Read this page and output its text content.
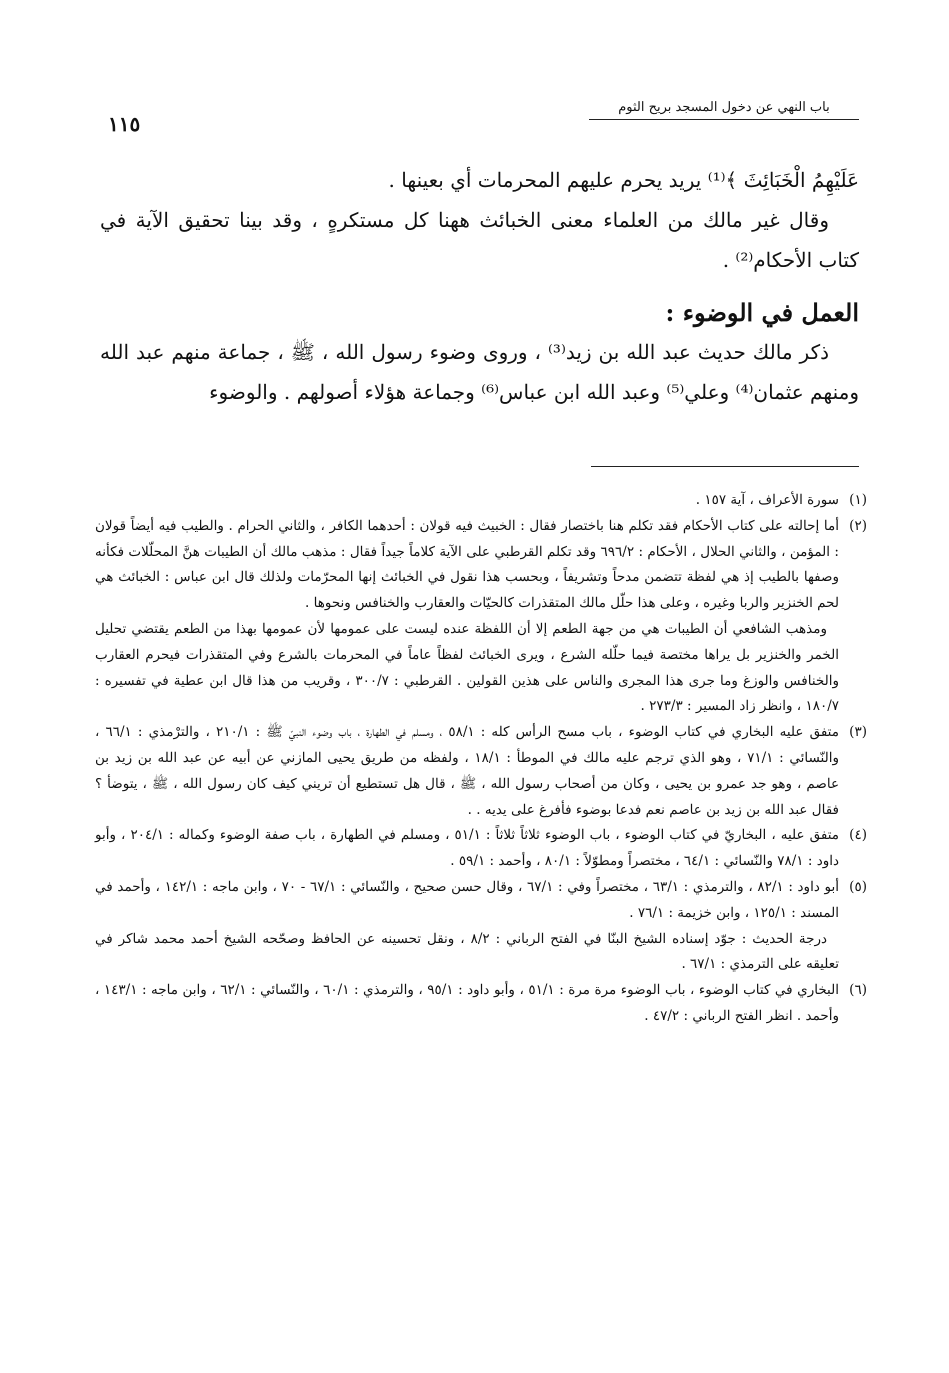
باب النهي عن دخول المسجد بريح الثوم
١١٥

عَلَيْهِمُ الْخَبَائِثَ ﴾⁽¹⁾ يريد يحرم عليهم المحرمات أي بعينها .

وقال غير مالك من العلماء معنى الخبائث ههنا كل مستكرهٍ ، وقد بينا تحقيق الآية في كتاب الأحكام⁽²⁾ .

العمل في الوضوء :

ذكر مالك حديث عبد الله بن زيد⁽³⁾ ، وروى وضوء رسول الله ، ﷺ ، جماعة منهم عبد الله ومنهم عثمان⁽⁴⁾ وعلي⁽⁵⁾ وعبد الله ابن عباس⁽⁶⁾ وجماعة هؤلاء أصولهم . والوضوء

(١)
سورة الأعراف ، آية ١٥٧ .
(٢)
أما إحالته على كتاب الأحكام فقد تكلم هنا باختصار فقال : الخبيث فيه قولان : أحدهما الكافر ، والثاني الحرام . والطيب فيه أيضاً قولان : المؤمن ، والثاني الحلال ، الأحكام : ٦٩٦/٢ وقد تكلم القرطبي على الآية كلاماً جيداً فقال : مذهب مالك أن الطيبات هنَّ المحلّلات فكأنه وصفها بالطيب إذ هي لفظة تتضمن مدحاً وتشريفاً ، وبحسب هذا نقول في الخبائث إنها المحرّمات ولذلك قال ابن عباس : الخبائث هي لحم الخنزير والربا وغيره ، وعلى هذا حلّل مالك المتقذرات كالحيّات والعقارب والخنافس ونحوها .

ومذهب الشافعي أن الطيبات هي من جهة الطعم إلا أن اللفظة عنده ليست على عمومها لأن عمومها بهذا من الطعم يقتضي تحليل الخمر والخنزير بل يراها مختصة فيما حلّله الشرع ، ويرى الخبائث لفظاً عاماً في المحرمات بالشرع وفي المتقذرات فيحرم العقارب والخنافس والوزغ وما جرى هذا المجرى والناس على هذين القولين . القرطبي : ٣٠٠/٧ ، وقريب من هذا قال ابن عطية في تفسيره : ١٨٠/٧ ، وانظر زاد المسير : ٢٧٣/٣ .

(٣)
متفق عليه البخاري في كتاب الوضوء ، باب مسح الرأس كله : ٥٨/١ ، ومسلم في الطهارة ، باب وضوء النبيّ ﷺ : ٢١٠/١ ، والترْمذي : ٦٦/١ ، والنّسائي : ٧١/١ ، وهو الذي ترجم عليه مالك في الموطأ : ١٨/١ ، ولفظه من طريق يحيى المازني عن أبيه عن عبد الله بن زيد بن عاصم ، وهو جد عمرو بن يحيى ، وكان من أصحاب رسول الله ، ﷺ ، قال هل تستطيع أن تريني كيف كان رسول الله ، ﷺ ، يتوضأ ؟ فقال عبد الله بن زيد بن عاصم نعم فدعا بوضوء فأفرغ على يديه . .
(٤)
متفق عليه ، البخاريّ في كتاب الوضوء ، باب الوضوء ثلاثاً ثلاثاً : ٥١/١ ، ومسلم في الطهارة ، باب صفة الوضوء وكماله : ٢٠٤/١ ، وأبو داود : ٧٨/١ والنّسائي : ٦٤/١ ، مختصراً ومطوّلاً : ٨٠/١ ، وأحمد : ٥٩/١ .
(٥)
أبو داود : ٨٢/١ ، والترمذي : ٦٣/١ ، مختصراً وفي : ٦٧/١ ، وقال حسن صحيح ، والنّسائي : ٦٧/١ - ٧٠ ، وابن ماجه : ١٤٢/١ ، وأحمد في المسند : ١٢٥/١ ، وابن خزيمة : ٧٦/١ .

درجة الحديث : جوّد إسناده الشيخ البنّا في الفتح الرباني : ٨/٢ ، ونقل تحسينه عن الحافظ وصحّحه الشيخ أحمد محمد شاكر في تعليقه على الترمذي : ٦٧/١ .

(٦)
البخاري في كتاب الوضوء ، باب الوضوء مرة مرة : ٥١/١ ، وأبو داود : ٩٥/١ ، والترمذي : ٦٠/١ ، والنّسائي : ٦٢/١ ، وابن ماجه : ١٤٣/١ ، وأحمد . انظر الفتح الرباني : ٤٧/٢ .
